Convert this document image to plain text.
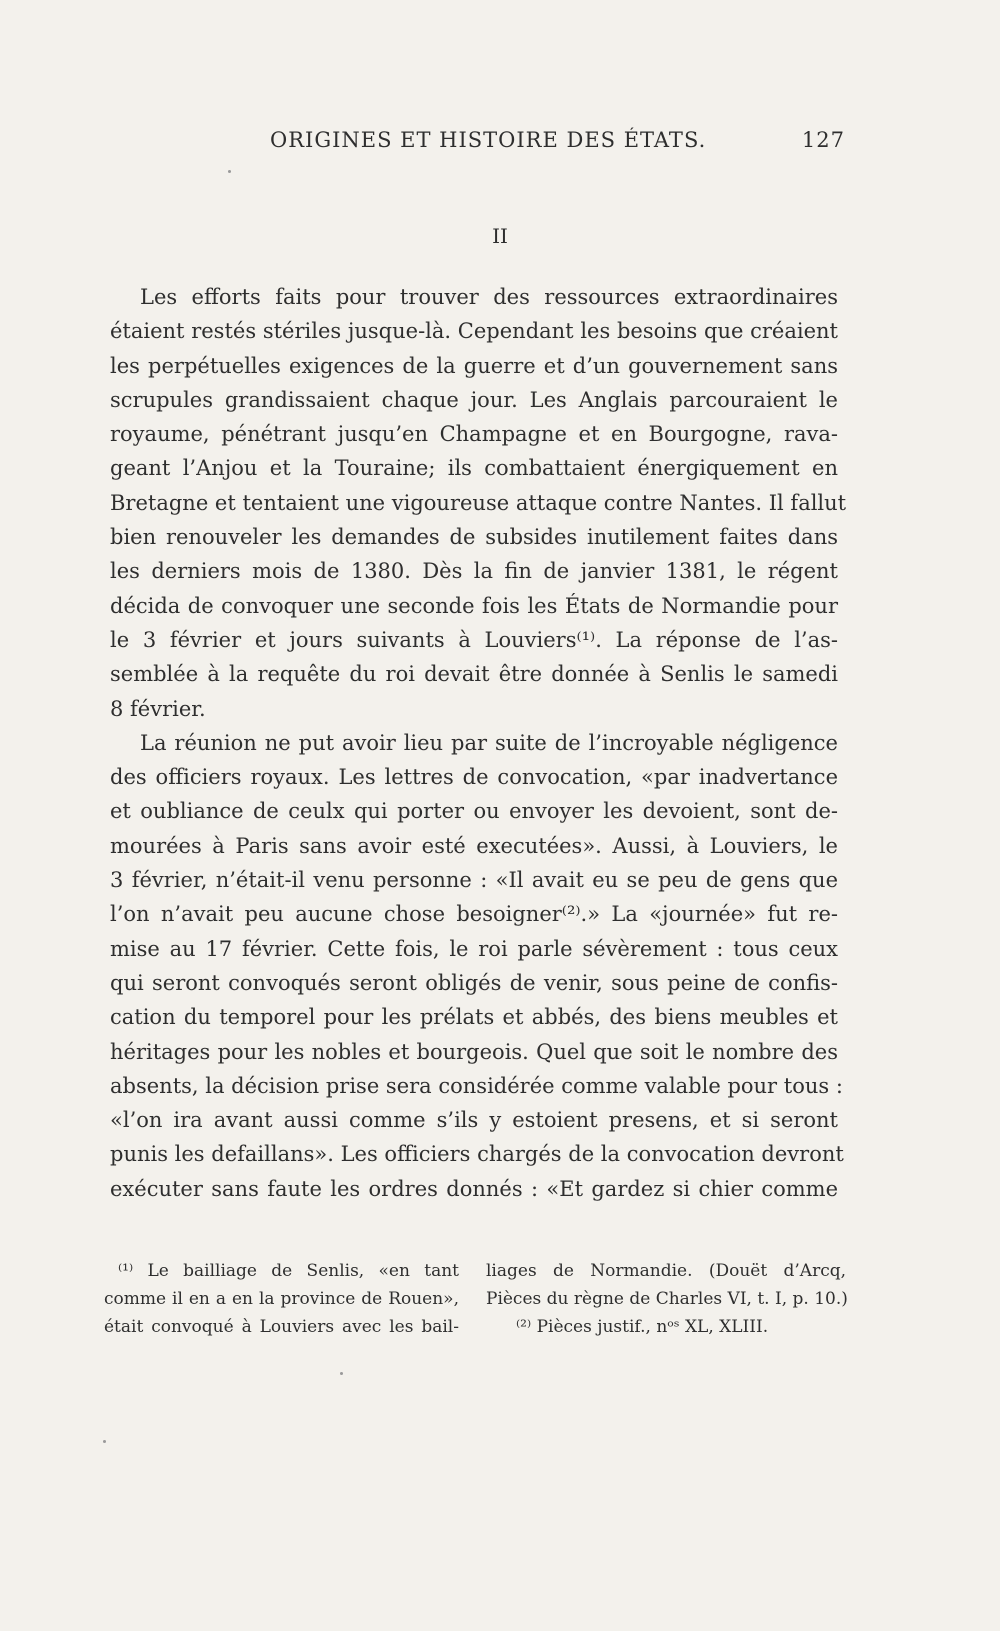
ORIGINES ET HISTOIRE DES ÉTATS.	127
II
Les efforts faits pour trouver des ressources extraordinaires
étaient restés stériles jusque-là. Cependant les besoins que créaient
les perpétuelles exigences de la guerre et d’un gouvernement sans
scrupules grandissaient chaque jour. Les Anglais parcouraient le
royaume, pénétrant jusqu’en Champagne et en Bourgogne, rava-
geant l’Anjou et la Touraine; ils combattaient énergiquement en
Bretagne et tentaient une vigoureuse attaque contre Nantes. Il fallut
bien renouveler les demandes de subsides inutilement faites dans
les derniers mois de 1380. Dès la fin de janvier 1381, le régent
décida de convoquer une seconde fois les États de Normandie pour
le 3 février et jours suivants à Louviers⁽¹⁾. La réponse de l’as-
semblée à la requête du roi devait être donnée à Senlis le samedi
8 février.
La réunion ne put avoir lieu par suite de l’incroyable négligence
des officiers royaux. Les lettres de convocation, «par inadvertance
et oubliance de ceulx qui porter ou envoyer les devoient, sont de-
mourées à Paris sans avoir esté executées». Aussi, à Louviers, le
3 février, n’était-il venu personne : «Il avait eu se peu de gens que
l’on n’avait peu aucune chose besoigner⁽²⁾.» La «journée» fut re-
mise au 17 février. Cette fois, le roi parle sévèrement : tous ceux
qui seront convoqués seront obligés de venir, sous peine de confis-
cation du temporel pour les prélats et abbés, des biens meubles et
héritages pour les nobles et bourgeois. Quel que soit le nombre des
absents, la décision prise sera considérée comme valable pour tous :
«l’on ira avant aussi comme s’ils y estoient presens, et si seront
punis les defaillans». Les officiers chargés de la convocation devront
exécuter sans faute les ordres donnés : «Et gardez si chier comme
⁽¹⁾ Le bailliage de Senlis, «en tant
comme il en a en la province de Rouen»,
était convoqué à Louviers avec les bail-
liages de Normandie. (Douët d’Arcq,
Pièces du règne de Charles VI, t. I, p. 10.)
⁽²⁾ Pièces justif., nᵒˢ XL, XLIII.
